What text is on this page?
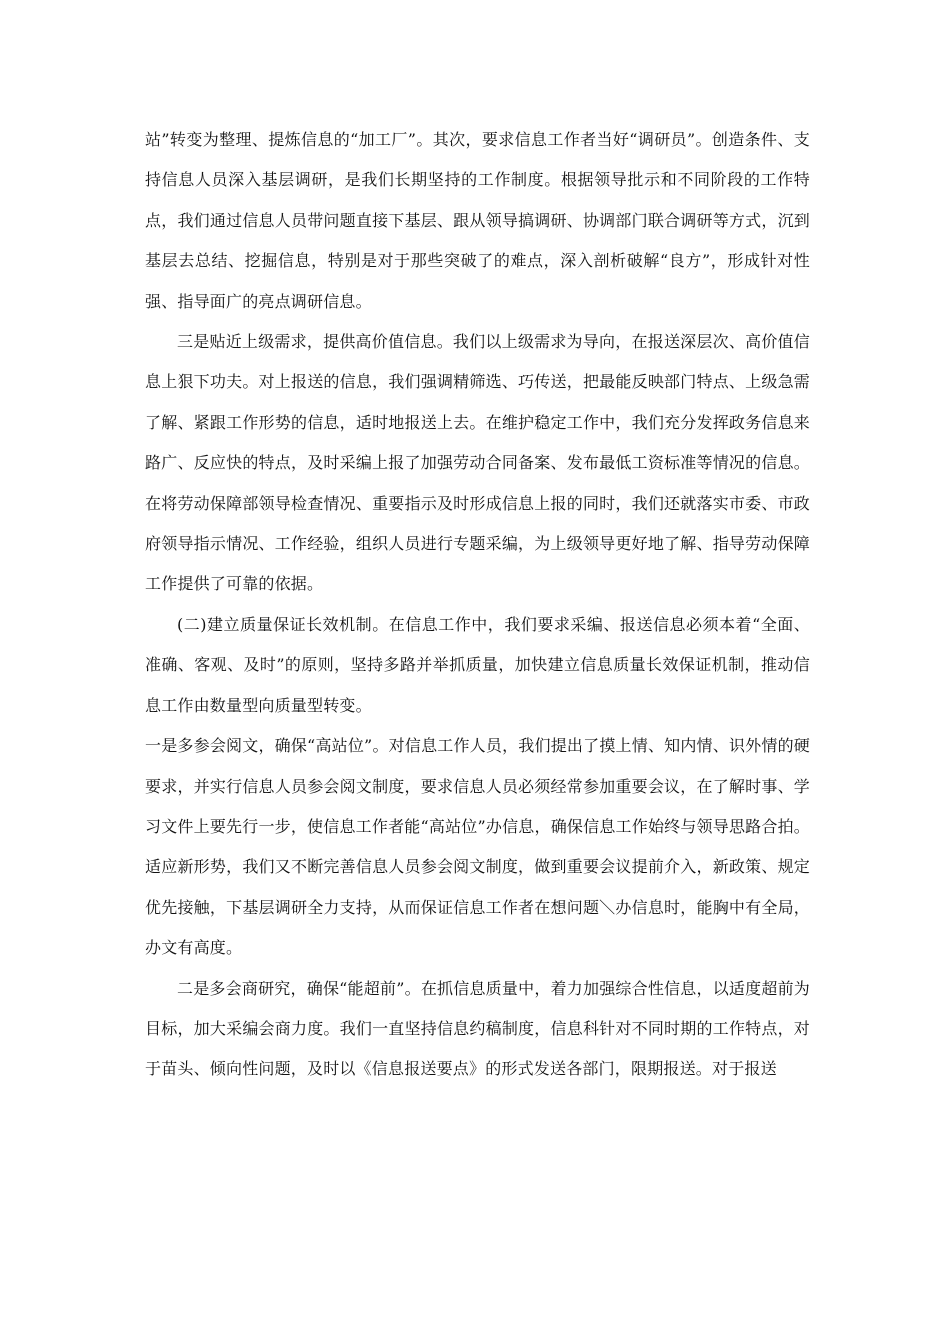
站”转变为整理、提炼信息的“加工厂”。其次，要求信息工作者当好“调研员”。创造条件、支持信息人员深入基层调研，是我们长期坚持的工作制度。根据领导批示和不同阶段的工作特点，我们通过信息人员带问题直接下基层、跟从领导搞调研、协调部门联合调研等方式，沉到基层去总结、挖掘信息，特别是对于那些突破了的难点，深入剖析破解“良方”，形成针对性强、指导面广的亮点调研信息。

三是贴近上级需求，提供高价值信息。我们以上级需求为导向，在报送深层次、高价值信息上狠下功夫。对上报送的信息，我们强调精筛选、巧传送，把最能反映部门特点、上级急需了解、紧跟工作形势的信息，适时地报送上去。在维护稳定工作中，我们充分发挥政务信息来路广、反应快的特点，及时采编上报了加强劳动合同备案、发布最低工资标准等情况的信息。在将劳动保障部领导检查情况、重要指示及时形成信息上报的同时，我们还就落实市委、市政府领导指示情况、工作经验，组织人员进行专题采编，为上级领导更好地了解、指导劳动保障工作提供了可靠的依据。

(二)建立质量保证长效机制。在信息工作中，我们要求采编、报送信息必须本着“全面、准确、客观、及时”的原则，坚持多路并举抓质量，加快建立信息质量长效保证机制，推动信息工作由数量型向质量型转变。

一是多参会阅文，确保“高站位”。对信息工作人员，我们提出了摸上情、知内情、识外情的硬要求，并实行信息人员参会阅文制度，要求信息人员必须经常参加重要会议，在了解时事、学习文件上要先行一步，使信息工作者能“高站位”办信息，确保信息工作始终与领导思路合拍。适应新形势，我们又不断完善信息人员参会阅文制度，做到重要会议提前介入，新政策、规定优先接触，下基层调研全力支持，从而保证信息工作者在想问题＼办信息时，能胸中有全局，办文有高度。

二是多会商研究，确保“能超前”。在抓信息质量中，着力加强综合性信息，以适度超前为目标，加大采编会商力度。我们一直坚持信息约稿制度，信息科针对不同时期的工作特点，对于苗头、倾向性问题，及时以《信息报送要点》的形式发送各部门，限期报送。对于报送
